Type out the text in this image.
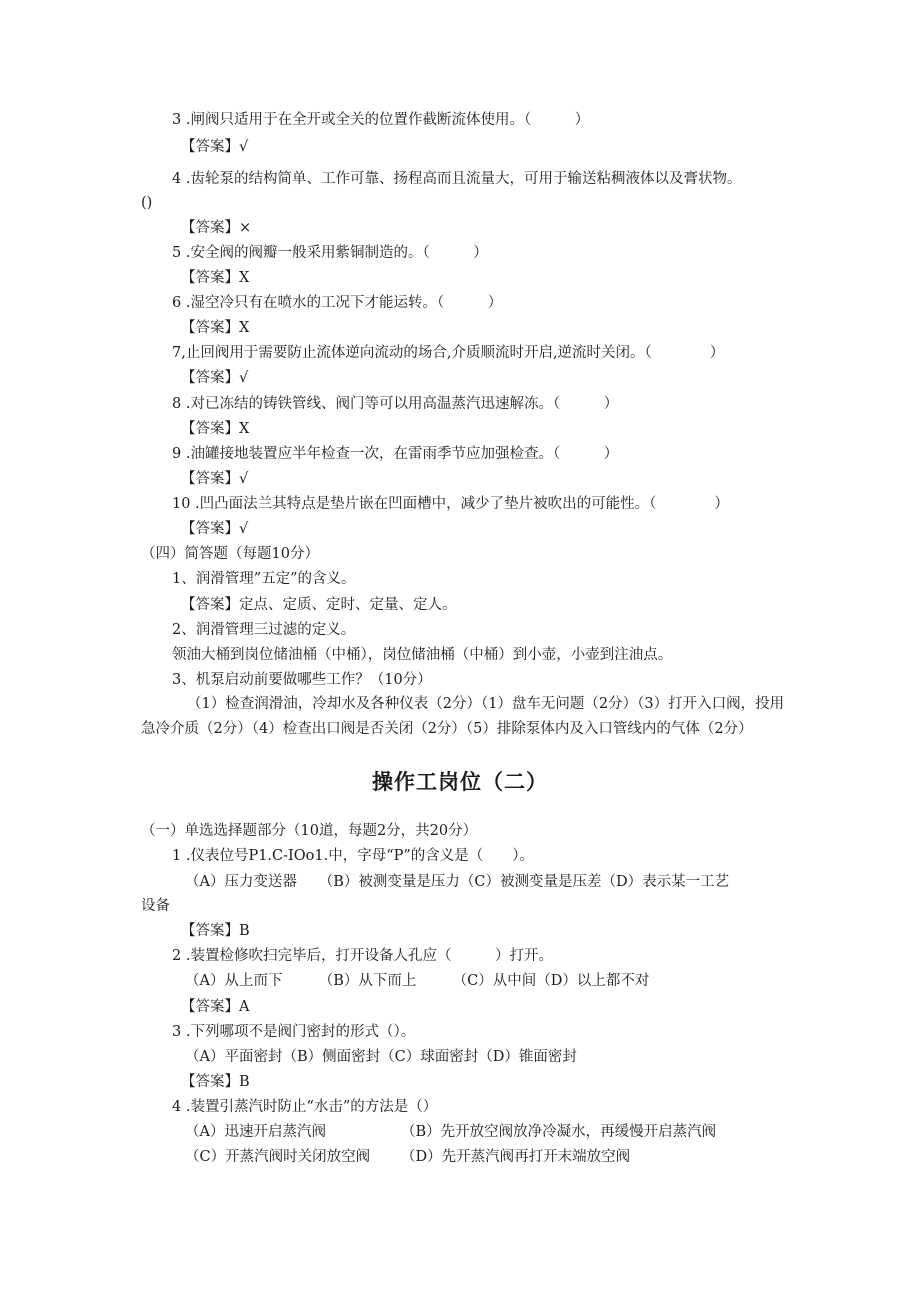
3 .闸阀只适用于在全开或全关的位置作截断流体使用。（　　　）
【答案】√
4 .齿轮泵的结构简单、工作可靠、扬程高而且流量大，可用于输送粘稠液体以及膏状物。
()
【答案】×
5 .安全阀的阀瓣一般采用紫铜制造的。（　　　）
【答案】X
6 .湿空冷只有在喷水的工况下才能运转。（　　　）
【答案】X
7,止回阀用于需要防止流体逆向流动的场合,介质顺流时开启,逆流时关闭。（　　　　）
【答案】√
8 .对已冻结的铸铁管线、阀门等可以用高温蒸汽迅速解冻。（　　　）
【答案】X
9 .油罐接地装置应半年检查一次，在雷雨季节应加强检查。（　　　）
【答案】√
10 .凹凸面法兰其特点是垫片嵌在凹面槽中，减少了垫片被吹出的可能性。（　　　　）
【答案】√
（四）简答题（每题10分）
1、润滑管理”五定”的含义。
【答案】定点、定质、定时、定量、定人。
2、润滑管理三过滤的定义。
领油大桶到岗位储油桶（中桶），岗位储油桶（中桶）到小壶，小壶到注油点。
3、机泵启动前要做哪些工作？（10分）
（1）检查润滑油，冷却水及各种仪表（2分）（1）盘车无问题（2分）（3）打开入口阀，投用急冷介质（2分）（4）检查出口阀是否关闭（2分）（5）排除泵体内及入口管线内的气体（2分）
操作工岗位（二）
（一）单选选择题部分（10道，每题2分，共20分）
1 .仪表位号P1.C-IOo1.中，字母“P”的含义是（　　）。
（A）压力变送器　　（B）被测变量是压力（C）被测变量是压差（D）表示某一工艺
设备
【答案】B
2 .装置检修吹扫完毕后，打开设备人孔应（　　　）打开。
（A）从上而下　　　（B）从下而上　　　（C）从中间（D）以上都不对
【答案】A
3 .下列哪项不是阀门密封的形式（）。
（A）平面密封（B）侧面密封（C）球面密封（D）锥面密封
【答案】B
4 .装置引蒸汽时防止“水击”的方法是（）
（A）迅速开启蒸汽阀	（B）先开放空阀放净冷凝水，再缓慢开启蒸汽阀
（C）开蒸汽阀时关闭放空阀 （D）先开蒸汽阀再打开末端放空阀
